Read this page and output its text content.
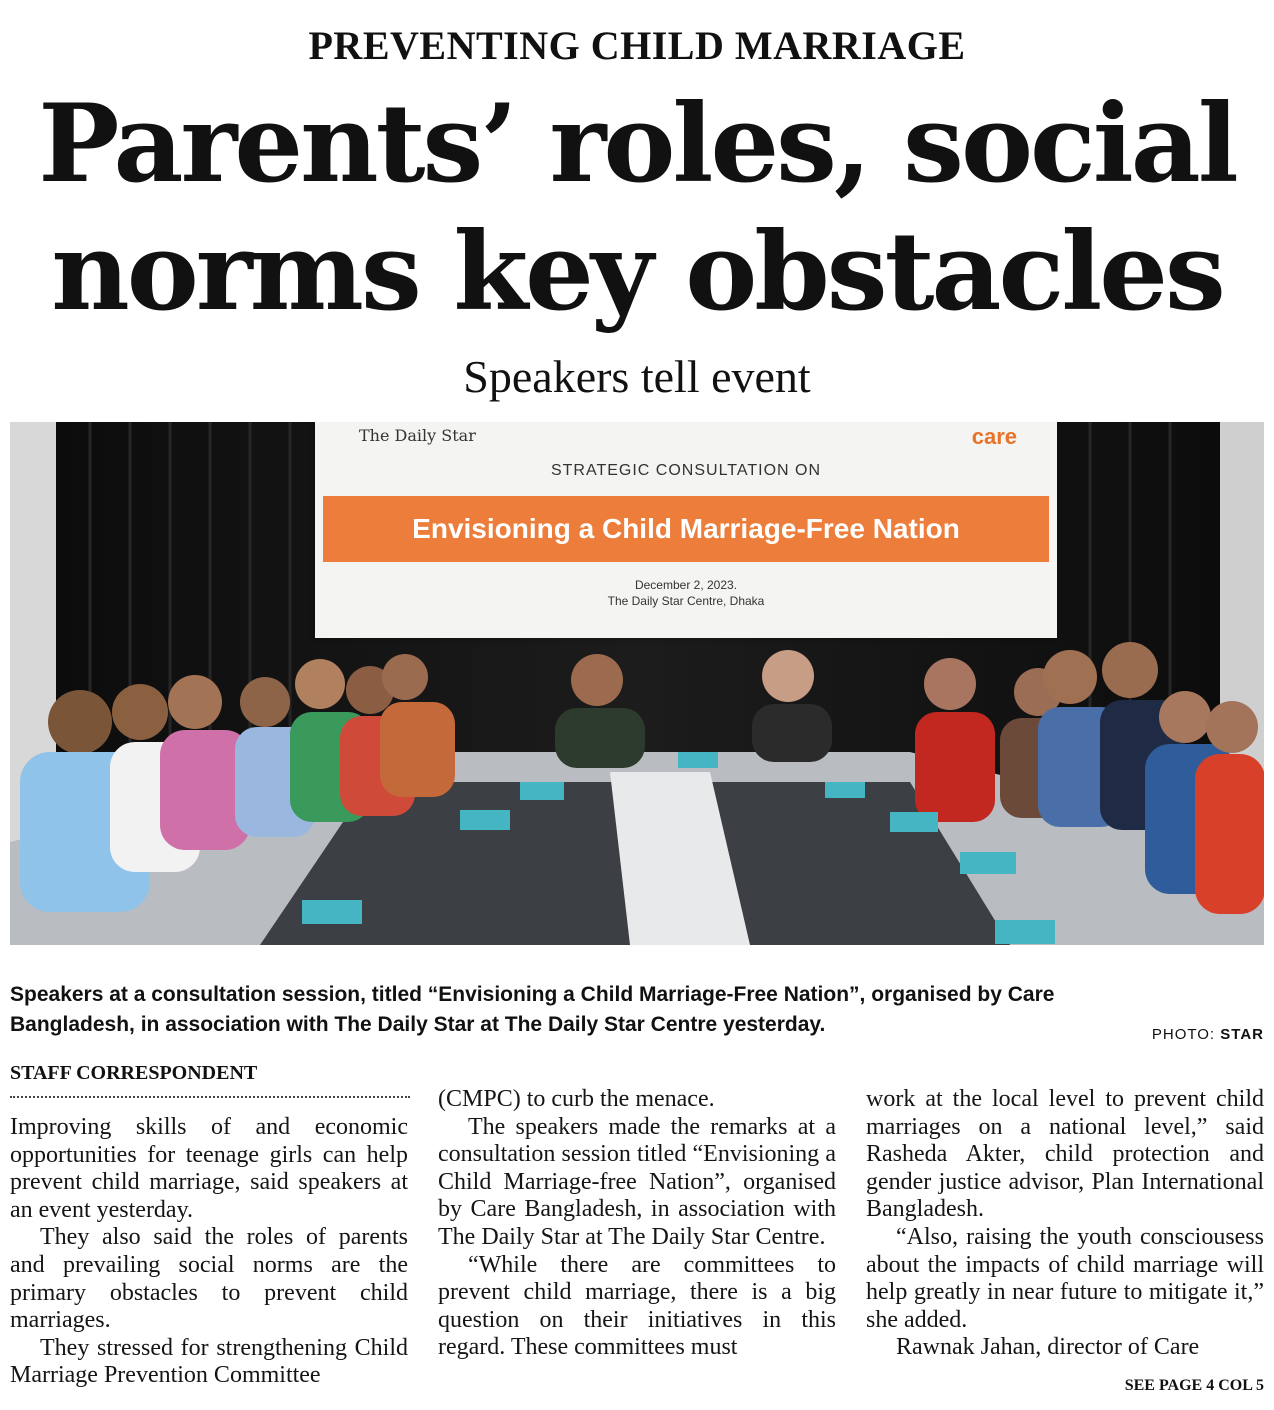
PREVENTING CHILD MARRIAGE
Parents’ roles, social
norms key obstacles
Speakers tell event
The Daily Star	care
STRATEGIC CONSULTATION ON
Envisioning a Child Marriage-Free Nation
December 2, 2023.
The Daily Star Centre, Dhaka
Speakers at a consultation session, titled “Envisioning a Child Marriage-Free Nation”, organised by Care Bangladesh, in association with The Daily Star at The Daily Star Centre yesterday.	PHOTO: STAR
STAFF CORRESPONDENT

Improving skills of and economic opportunities for teenage girls can help prevent child marriage, said speakers at an event yesterday.

They also said the roles of parents and prevailing social norms are the primary obstacles to prevent child marriages.

They stressed for strengthening Child Marriage Prevention Committee

(CMPC) to curb the menace.

The speakers made the remarks at a consultation session titled “Envisioning a Child Marriage-free Nation”, organised by Care Bangladesh, in association with The Daily Star at The Daily Star Centre.

“While there are committees to prevent child marriage, there is a big question on their initiatives in this regard. These committees must

work at the local level to prevent child marriages on a national level,” said Rasheda Akter, child protection and gender justice advisor, Plan International Bangladesh.

“Also, raising the youth consciousess about the impacts of child marriage will help greatly in near future to mitigate it,” she added.

Rawnak Jahan, director of Care

SEE PAGE 4 COL 5
